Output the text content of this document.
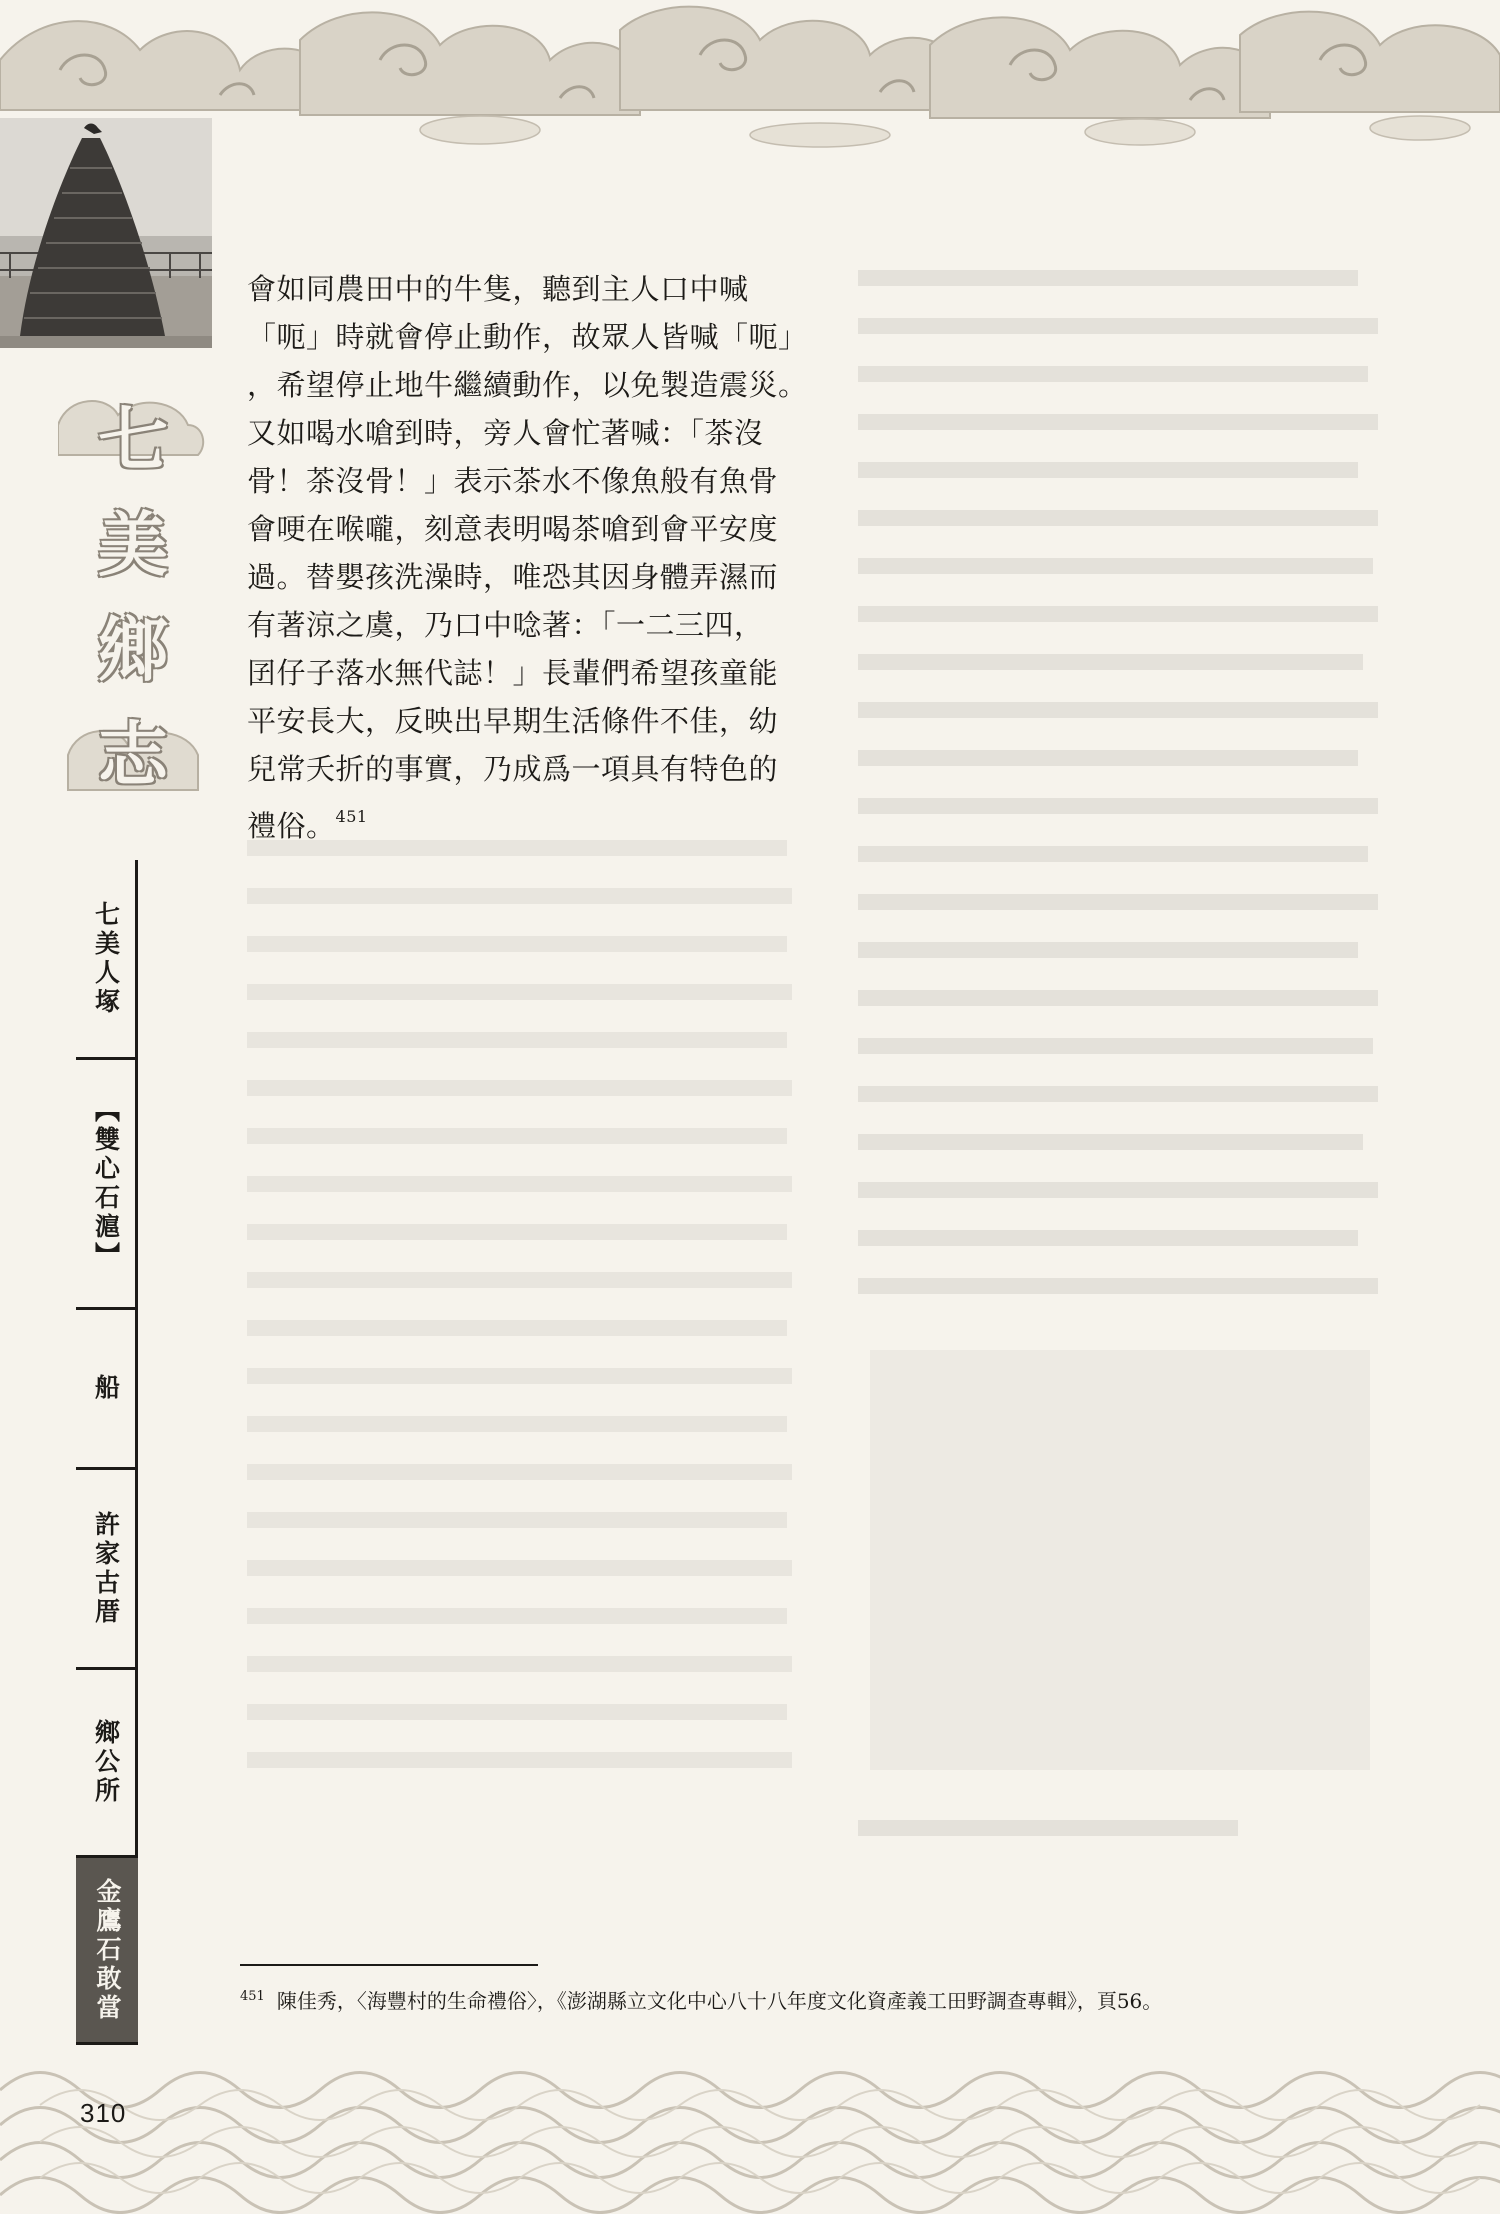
七
美
鄉
志
七美人塚
【雙心石滬】
船
許家古厝
鄉公所
金鷹石敢當
會如同農田中的牛隻，聽到主人口中喊
「呃」時就會停止動作，故眾人皆喊「呃」
，希望停止地牛繼續動作，以免製造震災。
又如喝水嗆到時，旁人會忙著喊：「茶沒
骨！茶沒骨！」表示茶水不像魚般有魚骨
會哽在喉嚨，刻意表明喝茶嗆到會平安度
過。替嬰孩洗澡時，唯恐其因身體弄濕而
有著涼之虞，乃口中唸著：「一二三四，
囝仔子落水無代誌！」長輩們希望孩童能
平安長大，反映出早期生活條件不佳，幼
兒常夭折的事實，乃成爲一項具有特色的
禮俗。$^{451}$
$^{451}$ 陳佳秀，〈海豐村的生命禮俗〉，《澎湖縣立文化中心八十八年度文化資產義工田野調查專輯》，頁56。
310
